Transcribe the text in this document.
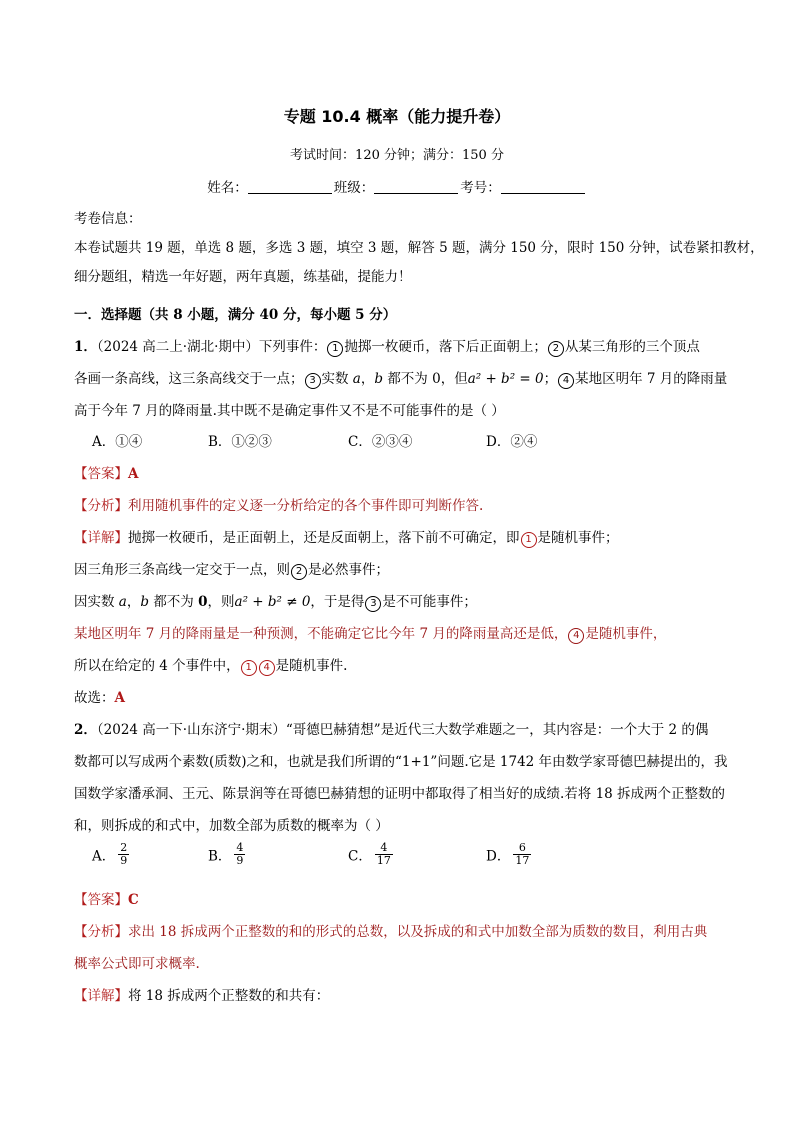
专题 10.4 概率（能力提升卷）
考试时间：120 分钟；满分：150 分
姓名：	班级：	考号：
考卷信息：
本卷试题共 19 题，单选 8 题，多选 3 题，填空 3 题，解答 5 题，满分 150 分，限时 150 分钟，试卷紧扣教材，
细分题组，精选一年好题，两年真题，练基础，提能力！
一．选择题（共 8 小题，满分 40 分，每小题 5 分）
1．（2024 高二上·湖北·期中）下列事件： 1 抛掷一枚硬币，落下后正面朝上； 2 从某三角形的三个顶点
各画一条高线，这三条高线交于一点； 3 实数 a，b 都不为 0，但a² + b² = 0； 4 某地区明年 7 月的降雨量
高于今年 7 月的降雨量.其中既不是确定事件又不是不可能事件的是（ ）
A．①④	B．①②③	C．②③④	D．②④
【答案】A
【分析】利用随机事件的定义逐一分析给定的各个事件即可判断作答.
【详解】抛掷一枚硬币，是正面朝上，还是反面朝上，落下前不可确定，即 1 是随机事件；
因三角形三条高线一定交于一点，则 2 是必然事件；
因实数 a，b 都不为 0，则a² + b² ≠ 0，于是得 3 是不可能事件；
某地区明年 7 月的降雨量是一种预测，不能确定它比今年 7 月的降雨量高还是低， 4 是随机事件，
所以在给定的 4 个事件中， 1 4 是随机事件.
故选：A
2．（2024 高一下·山东济宁·期末）“哥德巴赫猜想”是近代三大数学难题之一，其内容是：一个大于 2 的偶
数都可以写成两个素数(质数)之和，也就是我们所谓的“1+1”问题.它是 1742 年由数学家哥德巴赫提出的，我
国数学家潘承洞、王元、陈景润等在哥德巴赫猜想的证明中都取得了相当好的成绩.若将 18 拆成两个正整数的
和，则拆成的和式中，加数全部为质数的概率为（ ）
A． $\frac{2}{9}$	B． $\frac{4}{9}$	C． $\frac{4}{17}$	D． $\frac{6}{17}$
【答案】C
【分析】求出 18 拆成两个正整数的和的形式的总数，以及拆成的和式中加数全部为质数的数目，利用古典
概率公式即可求概率.
【详解】将 18 拆成两个正整数的和共有：
